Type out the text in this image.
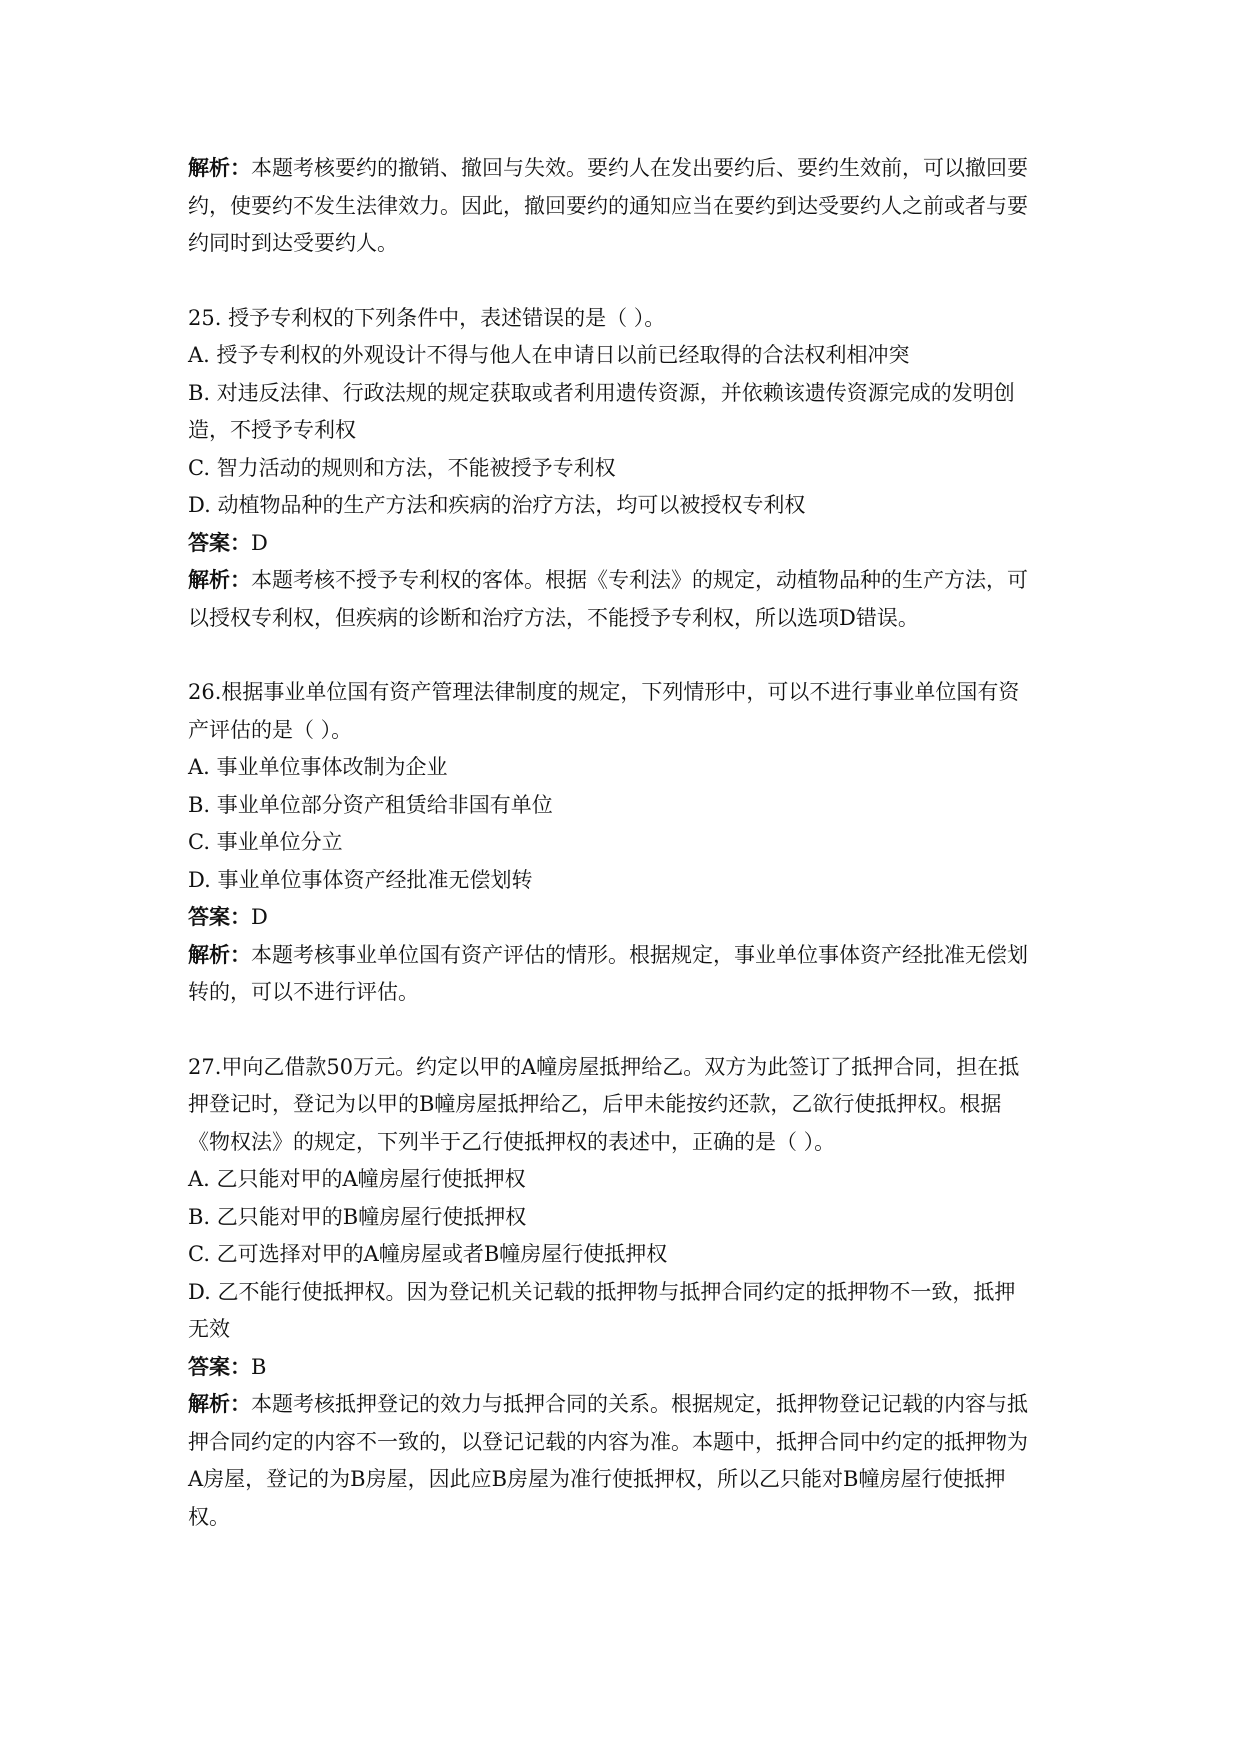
解析：本题考核要约的撤销、撤回与失效。要约人在发出要约后、要约生效前，可以撤回要
约，使要约不发生法律效力。因此，撤回要约的通知应当在要约到达受要约人之前或者与要
约同时到达受要约人。
25. 授予专利权的下列条件中，表述错误的是（ ）。
A. 授予专利权的外观设计不得与他人在申请日以前已经取得的合法权利相冲突
B. 对违反法律、行政法规的规定获取或者利用遗传资源，并依赖该遗传资源完成的发明创
造，不授予专利权
C. 智力活动的规则和方法，不能被授予专利权
D. 动植物品种的生产方法和疾病的治疗方法，均可以被授权专利权
答案：D
解析：本题考核不授予专利权的客体。根据《专利法》的规定，动植物品种的生产方法，可
以授权专利权，但疾病的诊断和治疗方法，不能授予专利权，所以选项D错误。
26.根据事业单位国有资产管理法律制度的规定，下列情形中，可以不进行事业单位国有资
产评估的是（ ）。
A. 事业单位事体改制为企业
B. 事业单位部分资产租赁给非国有单位
C. 事业单位分立
D. 事业单位事体资产经批准无偿划转
答案：D
解析：本题考核事业单位国有资产评估的情形。根据规定，事业单位事体资产经批准无偿划
转的，可以不进行评估。
27.甲向乙借款50万元。约定以甲的A幢房屋抵押给乙。双方为此签订了抵押合同，担在抵
押登记时，登记为以甲的B幢房屋抵押给乙，后甲未能按约还款，乙欲行使抵押权。根据
《物权法》的规定，下列半于乙行使抵押权的表述中，正确的是（ ）。
A. 乙只能对甲的A幢房屋行使抵押权
B. 乙只能对甲的B幢房屋行使抵押权
C. 乙可选择对甲的A幢房屋或者B幢房屋行使抵押权
D. 乙不能行使抵押权。因为登记机关记载的抵押物与抵押合同约定的抵押物不一致，抵押
无效
答案：B
解析：本题考核抵押登记的效力与抵押合同的关系。根据规定，抵押物登记记载的内容与抵
押合同约定的内容不一致的，以登记记载的内容为准。本题中，抵押合同中约定的抵押物为
A房屋，登记的为B房屋，因此应B房屋为准行使抵押权，所以乙只能对B幢房屋行使抵押
权。
